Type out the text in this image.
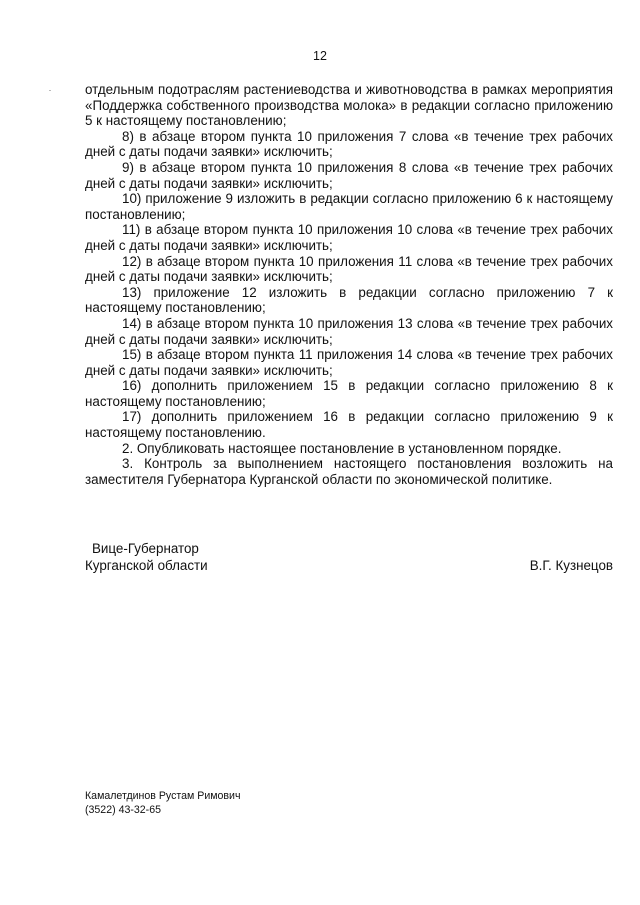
12

отдельным подотраслям растениеводства и животноводства в рамках мероприятия «Поддержка собственного производства молока» в редакции согласно приложению 5 к настоящему постановлению;

8) в абзаце втором пункта 10 приложения 7 слова «в течение трех рабочих дней с даты подачи заявки» исключить;

9) в абзаце втором пункта 10 приложения 8 слова «в течение трех рабочих дней с даты подачи заявки» исключить;

10) приложение 9 изложить в редакции согласно приложению 6 к настоящему постановлению;

11) в абзаце втором пункта 10 приложения 10 слова «в течение трех рабочих дней с даты подачи заявки» исключить;

12) в абзаце втором пункта 10 приложения 11 слова «в течение трех рабочих дней с даты подачи заявки» исключить;

13) приложение 12 изложить в редакции согласно приложению 7 к настоящему постановлению;

14) в абзаце втором пункта 10 приложения 13 слова «в течение трех рабочих дней с даты подачи заявки» исключить;

15) в абзаце втором пункта 11 приложения 14 слова «в течение трех рабочих дней с даты подачи заявки» исключить;

16) дополнить приложением 15 в редакции согласно приложению 8 к настоящему постановлению;

17) дополнить приложением 16 в редакции согласно приложению 9 к настоящему постановлению.

2. Опубликовать настоящее постановление в установленном порядке.

3. Контроль за выполнением настоящего постановления возложить на заместителя Губернатора Курганской области по экономической политике.

Вице-Губернатор
Курганской области	В.Г. Кузнецов
Камалетдинов Рустам Римович
(3522) 43-32-65
